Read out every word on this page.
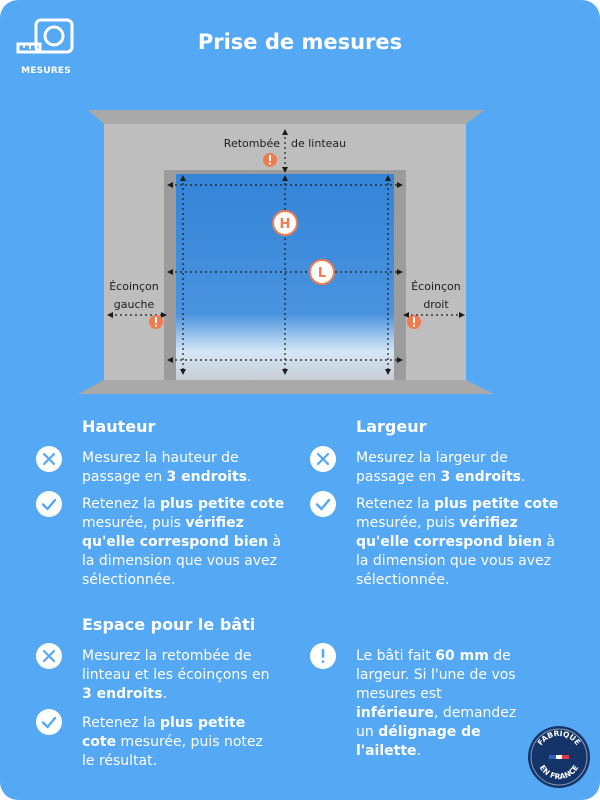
MESURES
Prise de mesures
Retombée de linteau
Écoinçon
gauche
Écoinçon
droit
H
L
Hauteur
Mesurez la hauteur de passage en 3 endroits.
Retenez la plus petite cote mesurée, puis vérifiez qu'elle correspond bien à la dimension que vous avez sélectionnée.
Largeur
Mesurez la largeur de passage en 3 endroits.
Retenez la plus petite cote mesurée, puis vérifiez qu'elle correspond bien à la dimension que vous avez sélectionnée.
Espace pour le bâti
Mesurez la retombée de linteau et les écoinçons en 3 endroits.
Retenez la plus petite cote mesurée, puis notez le résultat.
Le bâti fait 60 mm de largeur. Si l'une de vos mesures est inférieure, demandez un délignage de l'ailette.
FABRIQUÉ
EN FRANCE
